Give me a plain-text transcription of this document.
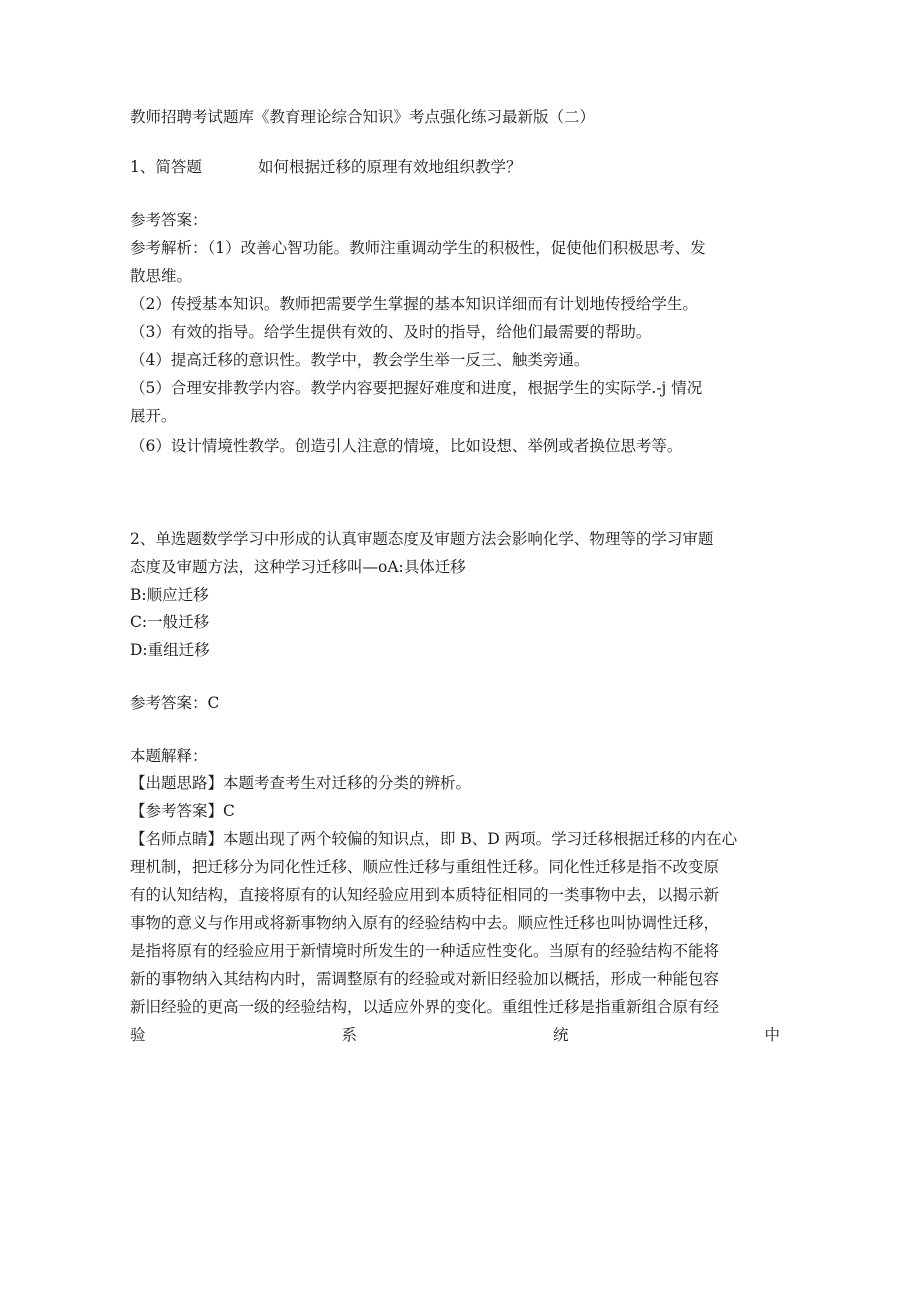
教师招聘考试题库《教育理论综合知识》考点强化练习最新版（二）
1、简答题	如何根据迁移的原理有效地组织教学？
参考答案：
参考解析：（1）改善心智功能。教师注重调动学生的积极性，促使他们积极思考、发
散思维。
（2）传授基本知识。教师把需要学生掌握的基本知识详细而有计划地传授给学生。
（3）有效的指导。给学生提供有效的、及时的指导，给他们最需要的帮助。
（4）提高迁移的意识性。教学中，教会学生举一反三、触类旁通。
（5）合理安排教学内容。教学内容要把握好难度和进度，根据学生的实际学.-j 情况
展开。
（6）设计情境性教学。创造引人注意的情境，比如设想、举例或者换位思考等。
2、单选题数学学习中形成的认真审题态度及审题方法会影响化学、物理等的学习审题
态度及审题方法，这种学习迁移叫—oA:具体迁移
B:顺应迁移
C:一般迁移
D:重组迁移
参考答案：C
本题解释：
【出题思路】本题考查考生对迁移的分类的辨析。
【参考答案】C
【名师点睛】本题出现了两个较偏的知识点，即 B、D 两项。学习迁移根据迁移的内在心
理机制，把迁移分为同化性迁移、顺应性迁移与重组性迁移。同化性迁移是指不改变原
有的认知结构，直接将原有的认知经验应用到本质特征相同的一类事物中去，以揭示新
事物的意义与作用或将新事物纳入原有的经验结构中去。顺应性迁移也叫协调性迁移，
是指将原有的经验应用于新情境时所发生的一种适应性变化。当原有的经验结构不能将
新的事物纳入其结构内时，需调整原有的经验或对新旧经验加以概括，形成一种能包容
新旧经验的更高一级的经验结构，以适应外界的变化。重组性迁移是指重新组合原有经
验	系	统	中
